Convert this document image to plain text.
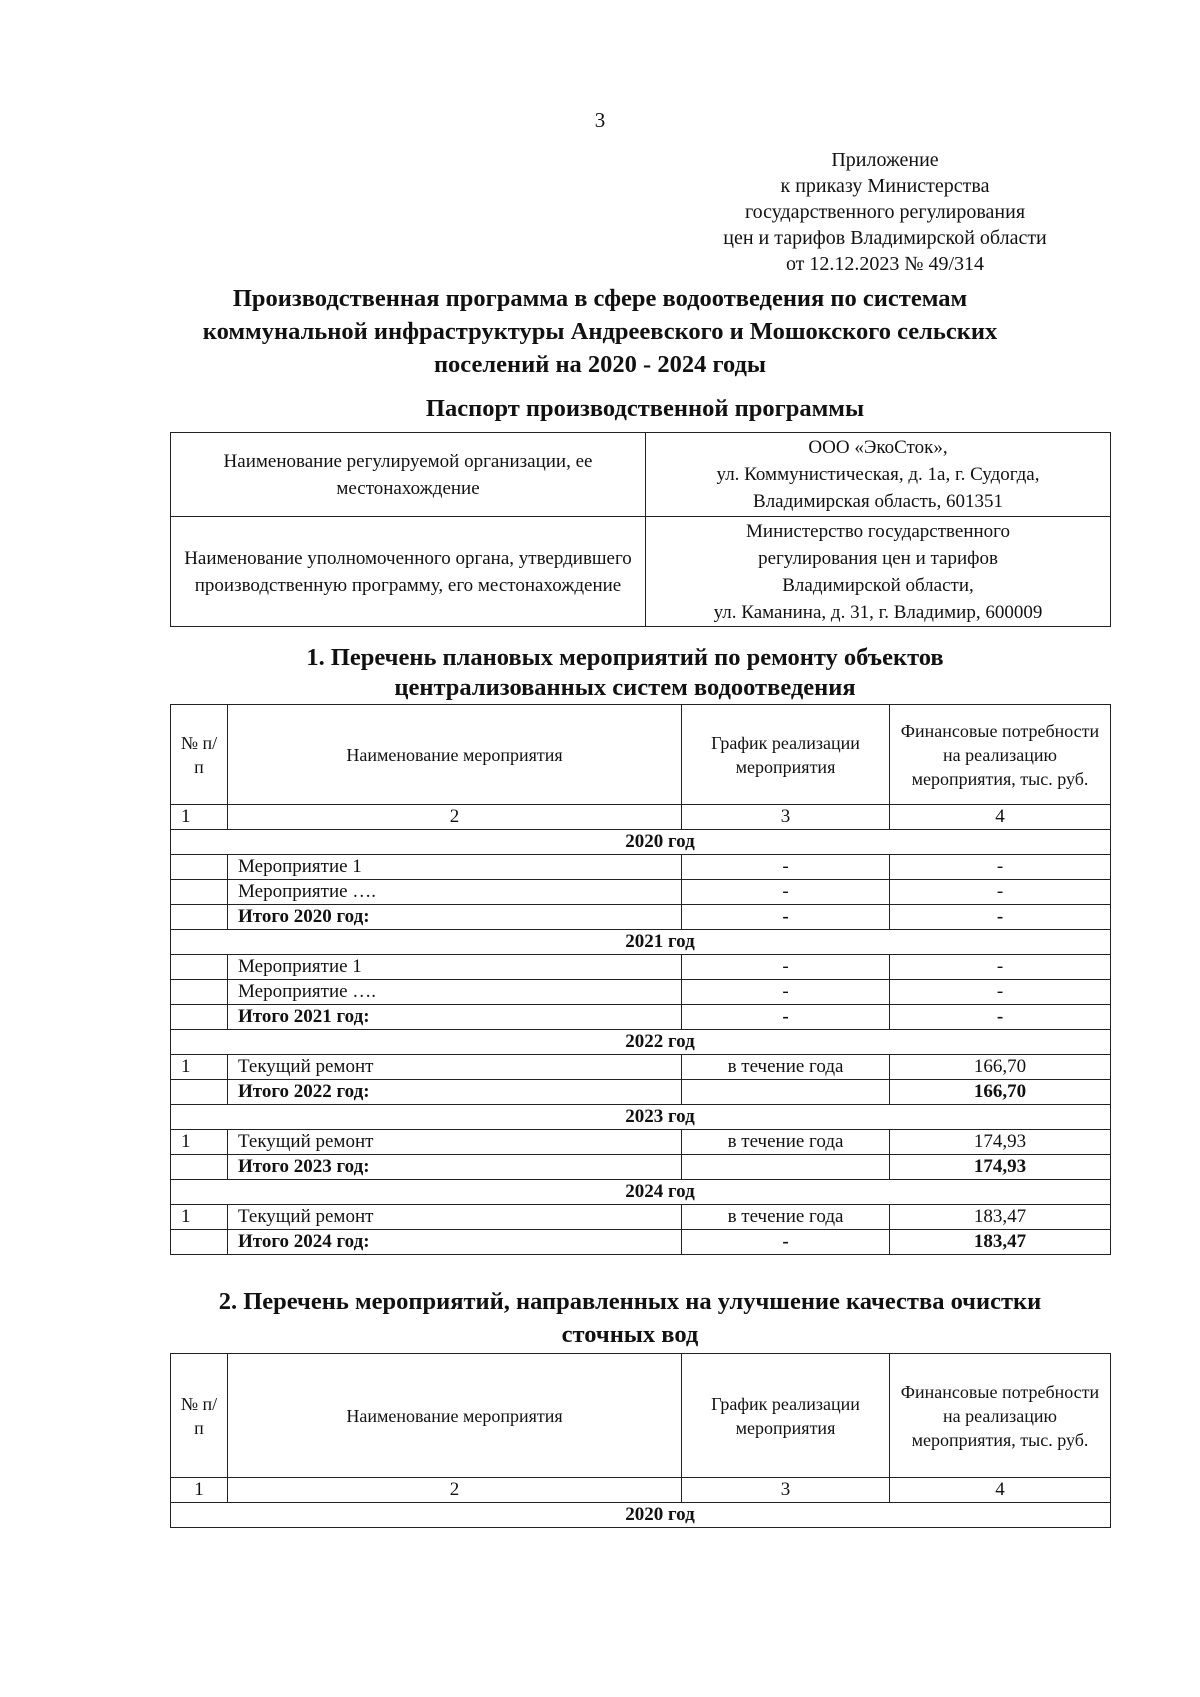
3
Приложение
к приказу Министерства
государственного регулирования
цен и тарифов Владимирской области
от 12.12.2023 № 49/314
Производственная программа в сфере водоотведения по системам
коммунальной инфраструктуры Андреевского и Мошокского сельских
поселений на 2020 - 2024 годы
Паспорт производственной программы
Наименование регулируемой организации, ее местонахождение	ООО «ЭкоСток»,
ул. Коммунистическая, д. 1а, г. Судогда,
Владимирская область, 601351

Наименование уполномоченного органа, утвердившего производственную программу, его местонахождение	Министерство государственного
регулирования цен и тарифов
Владимирской области,
ул. Каманина, д. 31, г. Владимир, 600009
1. Перечень плановых мероприятий по ремонту объектов
централизованных систем водоотведения
№ п/п	Наименование мероприятия	График реализации мероприятия	Финансовые потребности на реализацию мероприятия, тыс. руб.
1	2	3	4
2020 год			
	Мероприятие 1	-	-
	Мероприятие ….	-	-
	Итого 2020 год:	-	-
2021 год			
	Мероприятие 1	-	-
	Мероприятие ….	-	-
	Итого 2021 год:	-	-
2022 год			
1	Текущий ремонт	в течение года	166,70
	Итого 2022 год:		166,70
2023 год			
1	Текущий ремонт	в течение года	174,93
	Итого 2023 год:		174,93
2024 год			
1	Текущий ремонт	в течение года	183,47
	Итого 2024 год:	-	183,47
2. Перечень мероприятий, направленных на улучшение качества очистки
сточных вод
№ п/п	Наименование мероприятия	График реализации мероприятия	Финансовые потребности на реализацию мероприятия, тыс. руб.
1	2	3	4
2020 год			
